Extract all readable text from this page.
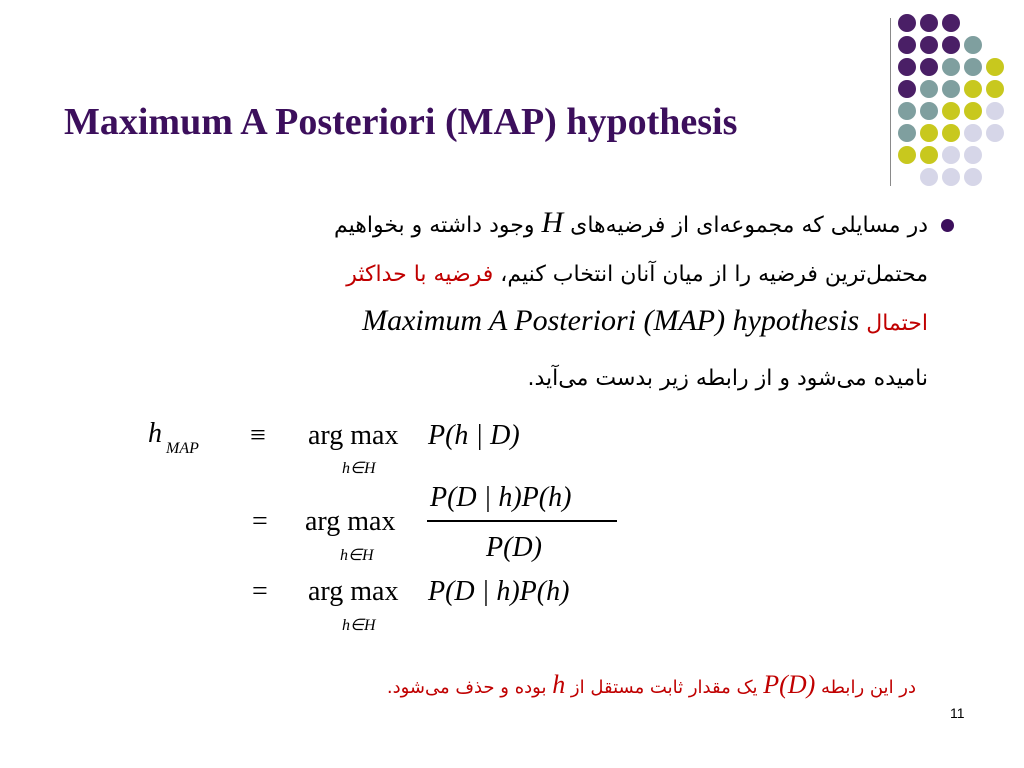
Maximum A Posteriori (MAP) hypothesis
در مسایلی که مجموعه‌ای از فرضیه‌های H وجود داشته و بخواهیم
محتمل‌ترین فرضیه را از میان آنان انتخاب کنیم، فرضیه با حداکثر
احتمال Maximum A Posteriori (MAP) hypothesis
نامیده می‌شود و از رابطه زیر بدست می‌آید.
h MAP ≡ arg max
h∈H
P(h | D)
P(D | h)P(h)
= arg max
h∈H	P(D)
= arg max
h∈H
P(D | h)P(h)
در این رابطه P(D) یک مقدار ثابت مستقل از h بوده و حذف می‌شود.
11
